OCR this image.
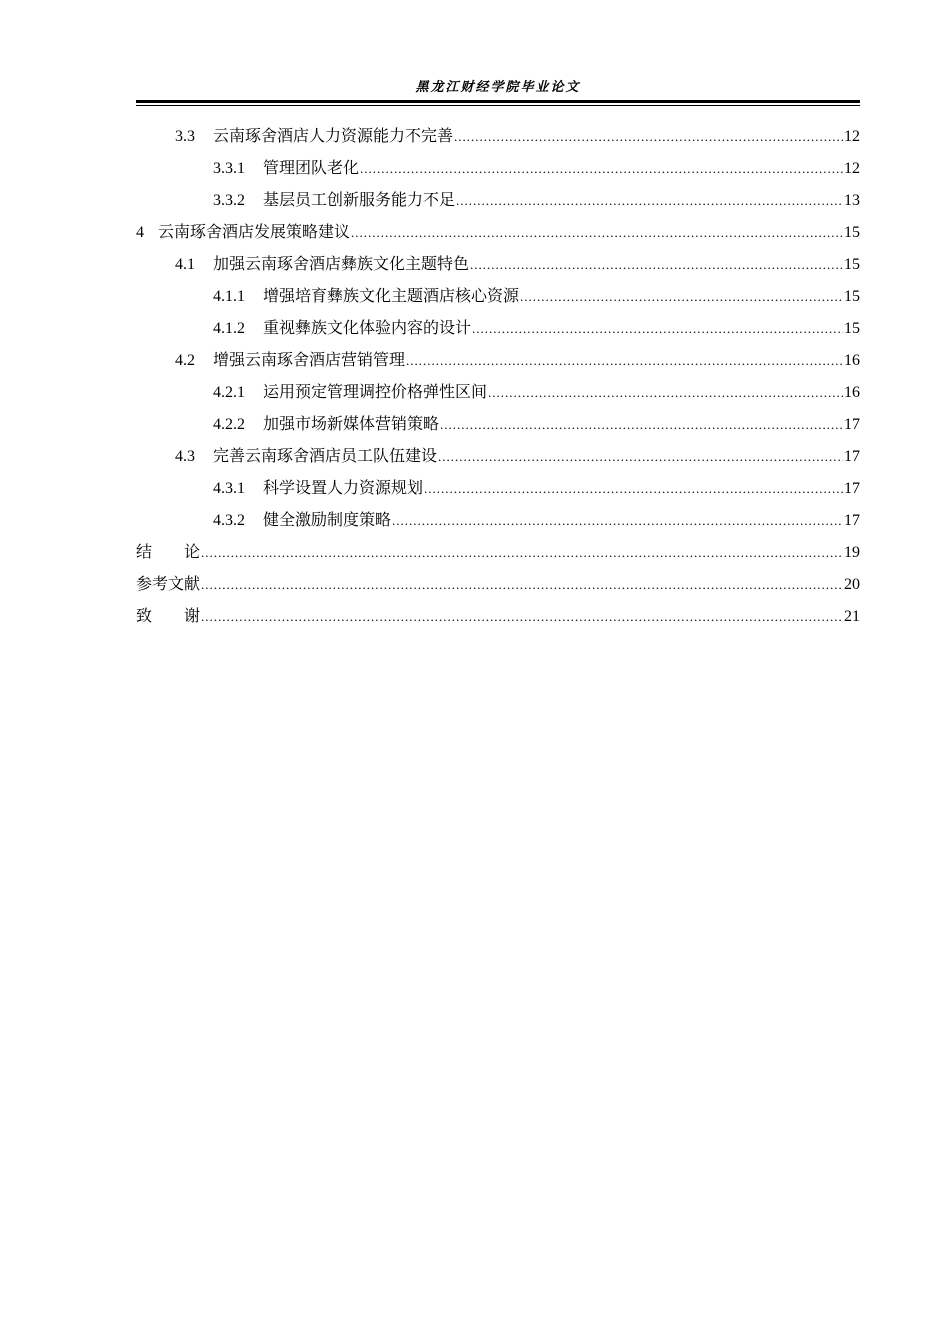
黑龙江财经学院毕业论文
3.3 云南琢舍酒店人力资源能力不完善 .....	12
3.3.1 管理团队老化 .....	12
3.3.2 基层员工创新服务能力不足 .....	13
4 云南琢舍酒店发展策略建议 .....	15
4.1 加强云南琢舍酒店彝族文化主题特色 .....	15
4.1.1 增强培育彝族文化主题酒店核心资源 .....	15
4.1.2 重视彝族文化体验内容的设计 .....	15
4.2 增强云南琢舍酒店营销管理 .....	16
4.2.1 运用预定管理调控价格弹性区间 .....	16
4.2.2 加强市场新媒体营销策略 .....	17
4.3 完善云南琢舍酒店员工队伍建设 .....	17
4.3.1 科学设置人力资源规划 .....	17
4.3.2 健全激励制度策略 .....	17
结　　论 .....	19
参考文献 .....	20
致　　谢 .....	21
